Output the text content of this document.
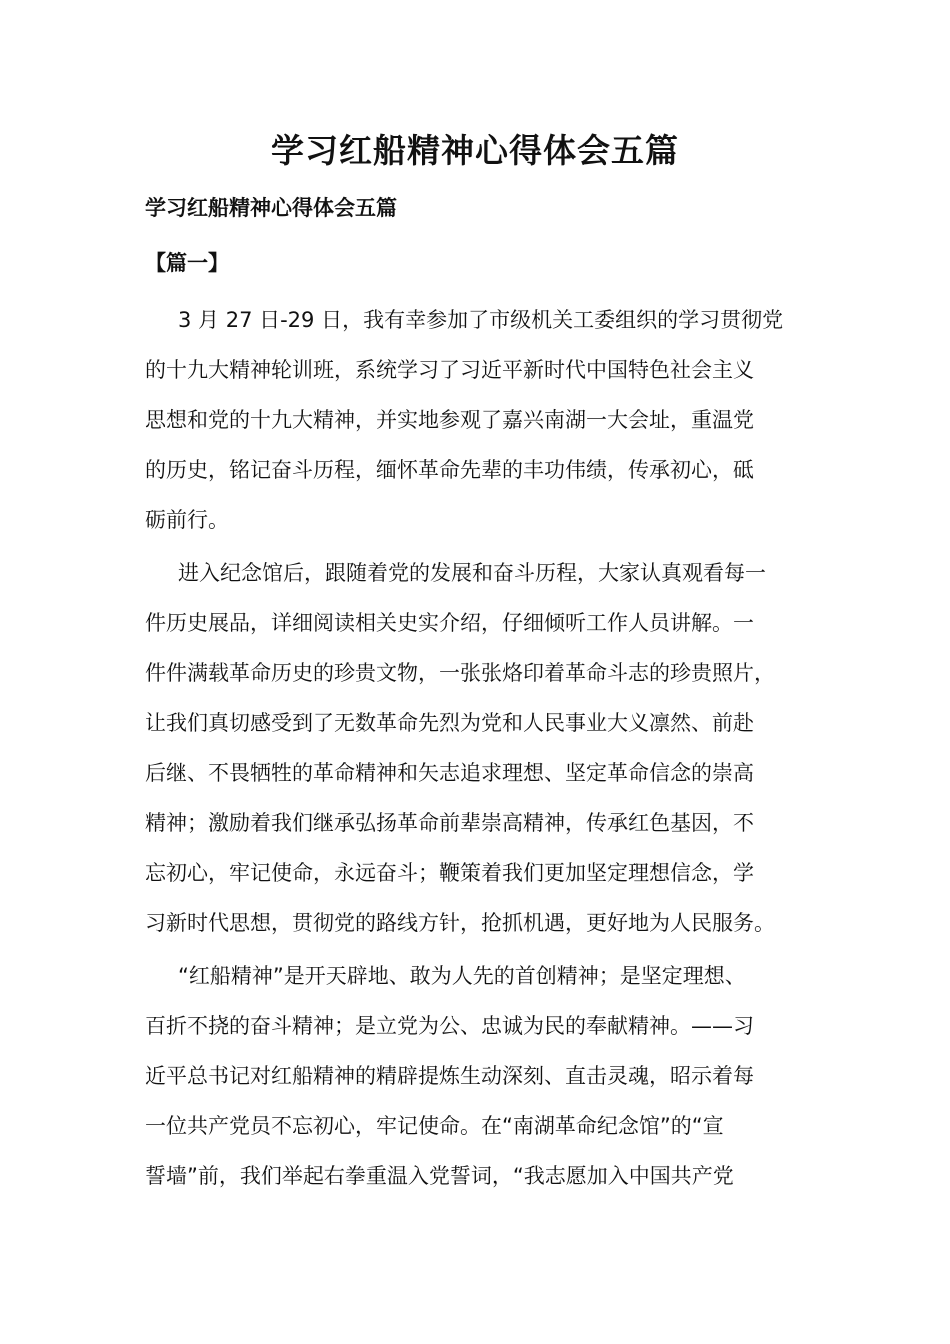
学习红船精神心得体会五篇
学习红船精神心得体会五篇
【篇一】
3 月 27 日-29 日，我有幸参加了市级机关工委组织的学习贯彻党
的十九大精神轮训班，系统学习了习近平新时代中国特色社会主义
思想和党的十九大精神，并实地参观了嘉兴南湖一大会址，重温党
的历史，铭记奋斗历程，缅怀革命先辈的丰功伟绩，传承初心，砥
砺前行。
进入纪念馆后，跟随着党的发展和奋斗历程，大家认真观看每一
件历史展品，详细阅读相关史实介绍，仔细倾听工作人员讲解。一
件件满载革命历史的珍贵文物，一张张烙印着革命斗志的珍贵照片，
让我们真切感受到了无数革命先烈为党和人民事业大义凛然、前赴
后继、不畏牺牲的革命精神和矢志追求理想、坚定革命信念的崇高
精神；激励着我们继承弘扬革命前辈崇高精神，传承红色基因，不
忘初心，牢记使命，永远奋斗；鞭策着我们更加坚定理想信念，学
习新时代思想，贯彻党的路线方针，抢抓机遇，更好地为人民服务。
“红船精神”是开天辟地、敢为人先的首创精神；是坚定理想、
百折不挠的奋斗精神；是立党为公、忠诚为民的奉献精神。——习
近平总书记对红船精神的精辟提炼生动深刻、直击灵魂，昭示着每
一位共产党员不忘初心，牢记使命。在“南湖革命纪念馆”的“宣
誓墙”前，我们举起右拳重温入党誓词，“我志愿加入中国共产党
